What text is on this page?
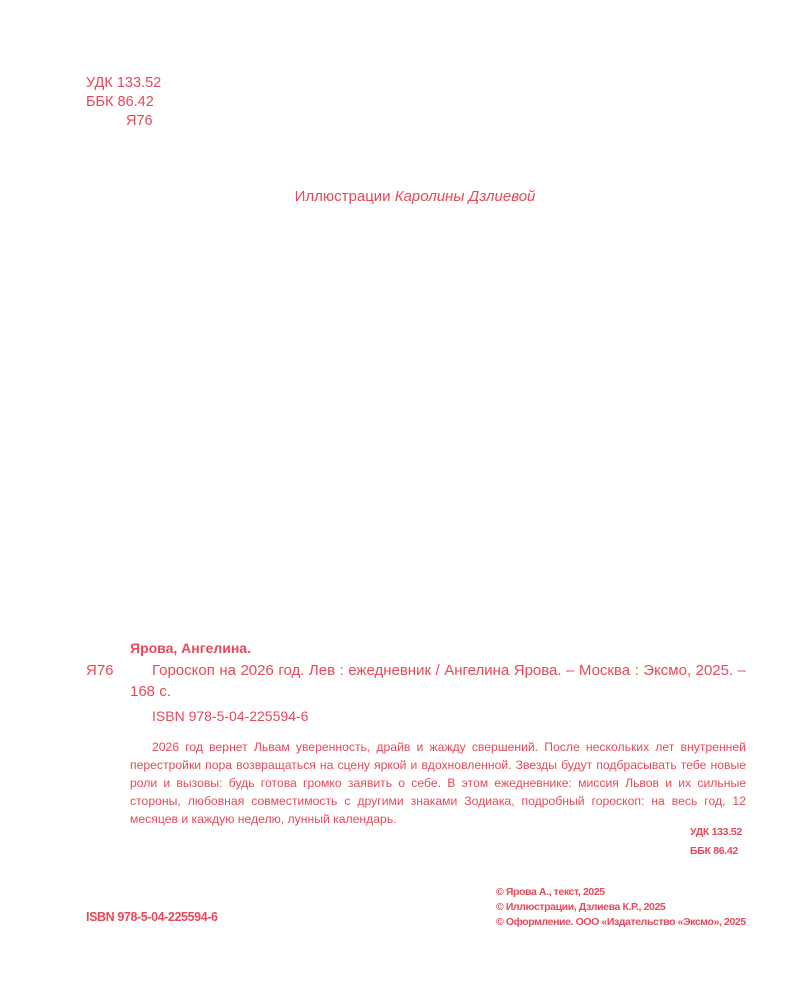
УДК 133.52
ББК 86.42
Я76
Иллюстрации Каролины Дзлиевой
Ярова, Ангелина.
Я76	Гороскоп на 2026 год. Лев : ежедневник / Ангелина Ярова. – Москва : Эксмо, 2025. – 168 с.
ISBN 978-5-04-225594-6
2026 год вернет Львам уверенность, драйв и жажду свершений. После нескольких лет внутренней перестройки пора возвращаться на сцену яркой и вдохновленной. Звезды будут подбрасывать тебе новые роли и вызовы: будь готова громко заявить о себе. В этом ежедневнике: миссия Львов и их сильные стороны, любовная совместимость с другими знаками Зодиака, подробный гороскоп: на весь год, 12 месяцев и каждую неделю, лунный календарь.
УДК 133.52
ББК 86.42
ISBN 978-5-04-225594-6
© Ярова А., текст, 2025
© Иллюстрации, Дзлиева К.Р., 2025
© Оформление. ООО «Издательство «Эксмо», 2025
